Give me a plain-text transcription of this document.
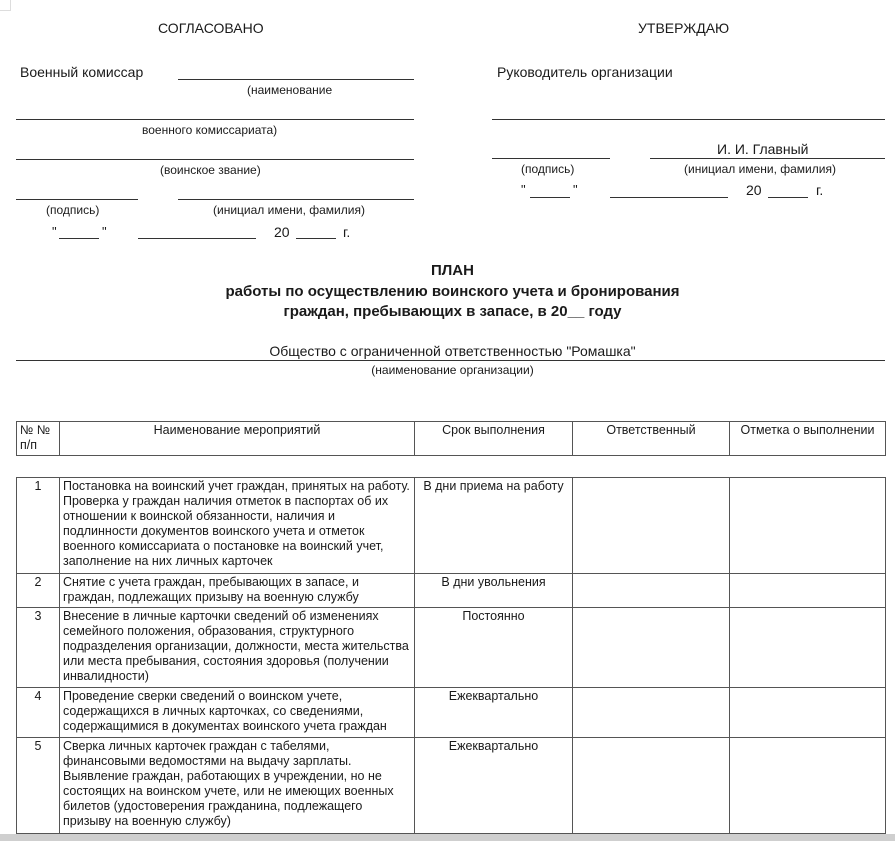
СОГЛАСОВАНО
Военный комиссар
(наименование
военного комиссариата)
(воинское звание)
(подпись)	(инициал имени, фамилия)
"	"	20	г.
УТВЕРЖДАЮ
Руководитель организации
И. И. Главный
(подпись)	(инициал имени, фамилия)
"	"	20	г.
ПЛАН
работы по осуществлению воинского учета и бронирования
граждан, пребывающих в запасе, в 20__ году
Общество с ограниченной ответственностью "Ромашка"
(наименование организации)
№ № п/п	Наименование мероприятий	Срок выполнения	Ответственный	Отметка о выполнении
1	Постановка на воинский учет граждан, принятых на работу. Проверка у граждан наличия отметок в паспортах об их отношении к воинской обязанности, наличия и подлинности документов воинского учета и отметок военного комиссариата о постановке на воинский учет, заполнение на них личных карточек	В дни приема на работу		
2	Снятие с учета граждан, пребывающих в запасе, и граждан, подлежащих призыву на военную службу	В дни увольнения		
3	Внесение в личные карточки сведений об изменениях семейного положения, образования, структурного подразделения организации, должности, места жительства или места пребывания, состояния здоровья (получении инвалидности)	Постоянно		
4	Проведение сверки сведений о воинском учете, содержащихся в личных карточках, со сведениями, содержащимися в документах воинского учета граждан	Ежеквартально		
5	Сверка личных карточек граждан с табелями, финансовыми ведомостями на выдачу зарплаты. Выявление граждан, работающих в учреждении, но не состоящих на воинском учете, или не имеющих военных билетов (удостоверения гражданина, подлежащего призыву на военную службу)	Ежеквартально		
